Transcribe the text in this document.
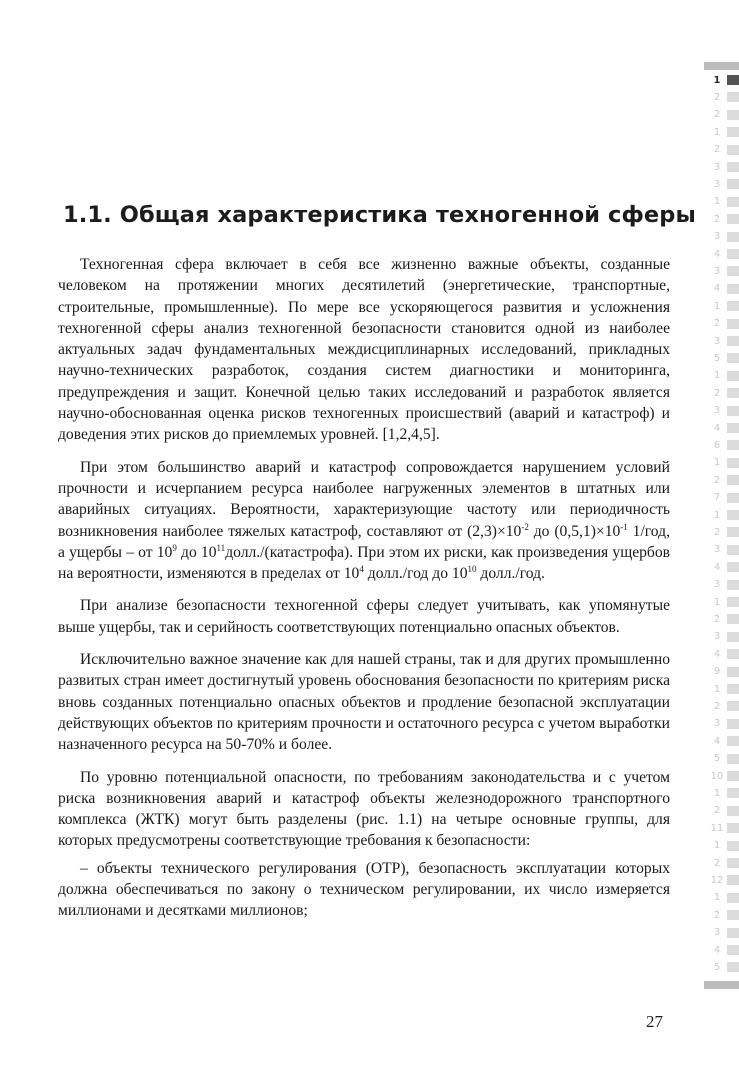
1.1. Общая характеристика техногенной сферы

Техногенная сфера включает в себя все жизненно важные объекты, созданные человеком на протяжении многих десятилетий (энергетические, транспортные, строительные, промышленные). По мере все ускоряющегося развития и усложнения техногенной сферы анализ техногенной безопасности становится одной из наиболее актуальных задач фундаментальных междисциплинарных исследований, прикладных научно-технических разработок, создания систем диагностики и мониторинга, предупреждения и защит. Конечной целью таких исследований и разработок является научно-обоснованная оценка рисков техногенных происшествий (аварий и катастроф) и доведения этих рисков до приемлемых уровней. [1,2,4,5].

При этом большинство аварий и катастроф сопровождается нарушением условий прочности и исчерпанием ресурса наиболее нагруженных элементов в штатных или аварийных ситуациях. Вероятности, характеризующие частоту или периодичность возникновения наиболее тяжелых катастроф, составляют от $(2,3)\times 10^{-2}$ до $(0,5,1)\times 10^{-1}$ 1/год, а ущербы – от $10^9$ до $10^{11}долл./(катастрофа)$. При этом их риски, как произведения ущербов на вероятности, изменяются в пределах от $10^4$ долл./год до $10^{10}$ долл./год.

При анализе безопасности техногенной сферы следует учитывать, как упомянутые выше ущербы, так и серийность соответствующих потенциально опасных объектов.

Исключительно важное значение как для нашей страны, так и для других промышленно развитых стран имеет достигнутый уровень обоснования безопасности по критериям риска вновь созданных потенциально опасных объектов и продление безопасной эксплуатации действующих объектов по критериям прочности и остаточного ресурса с учетом выработки назначенного ресурса на 50-70% и более.

По уровню потенциальной опасности, по требованиям законодательства и с учетом риска возникновения аварий и катастроф объекты железнодорожного транспортного комплекса (ЖТК) могут быть разделены (рис. 1.1) на четыре основные группы, для которых предусмотрены соответствующие требования к безопасности:

– объекты технического регулирования (ОТР), безопасность эксплуатации которых должна обеспечиваться по закону о техническом регулировании, их число измеряется миллионами и десятками миллионов;

1
2
2
1
2
3
3
1
2
3
4
3
4
1
2
3
5
1
2
3
4
6
1
2
7
1
2
3
4
3
1
2
3
4
9
1
2
3
4
5
10
1
2
11
1
2
12
1
2
3
4
5
27
